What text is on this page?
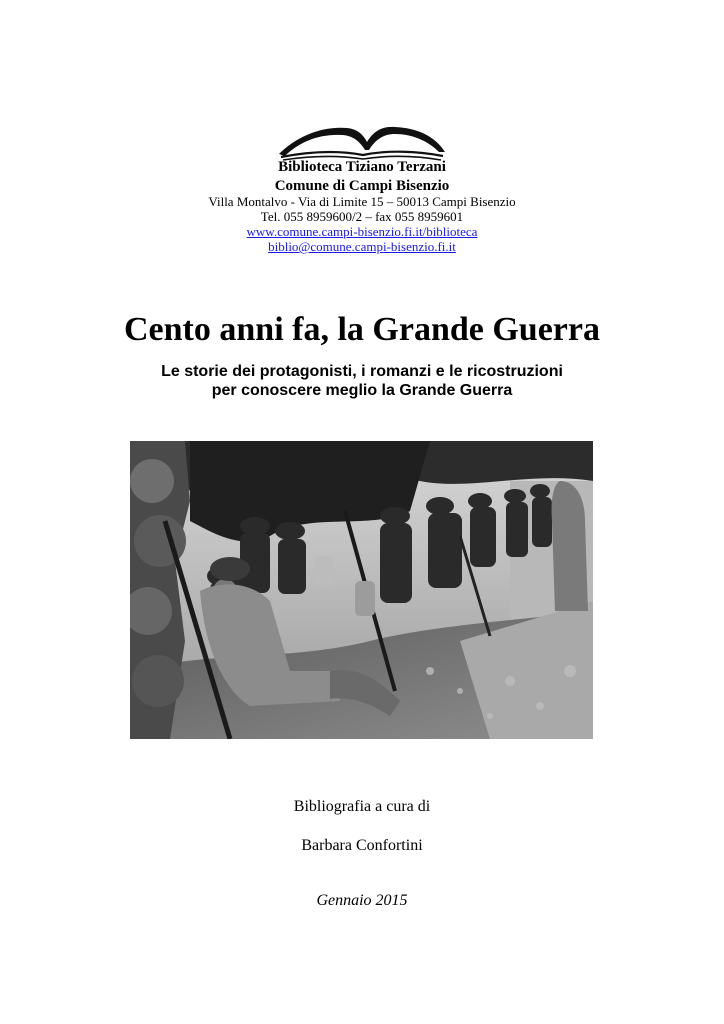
Biblioteca Tiziano Terzani
Comune di Campi Bisenzio
Villa Montalvo - Via di Limite 15 – 50013 Campi Bisenzio
Tel. 055 8959600/2 – fax 055 8959601
www.comune.campi-bisenzio.fi.it/biblioteca
biblio@comune.campi-bisenzio.fi.it
Cento anni fa, la Grande Guerra
Le storie dei protagonisti, i romanzi e le ricostruzioni
per conoscere meglio la Grande Guerra
Bibliografia a cura di
Barbara Confortini
Gennaio 2015
